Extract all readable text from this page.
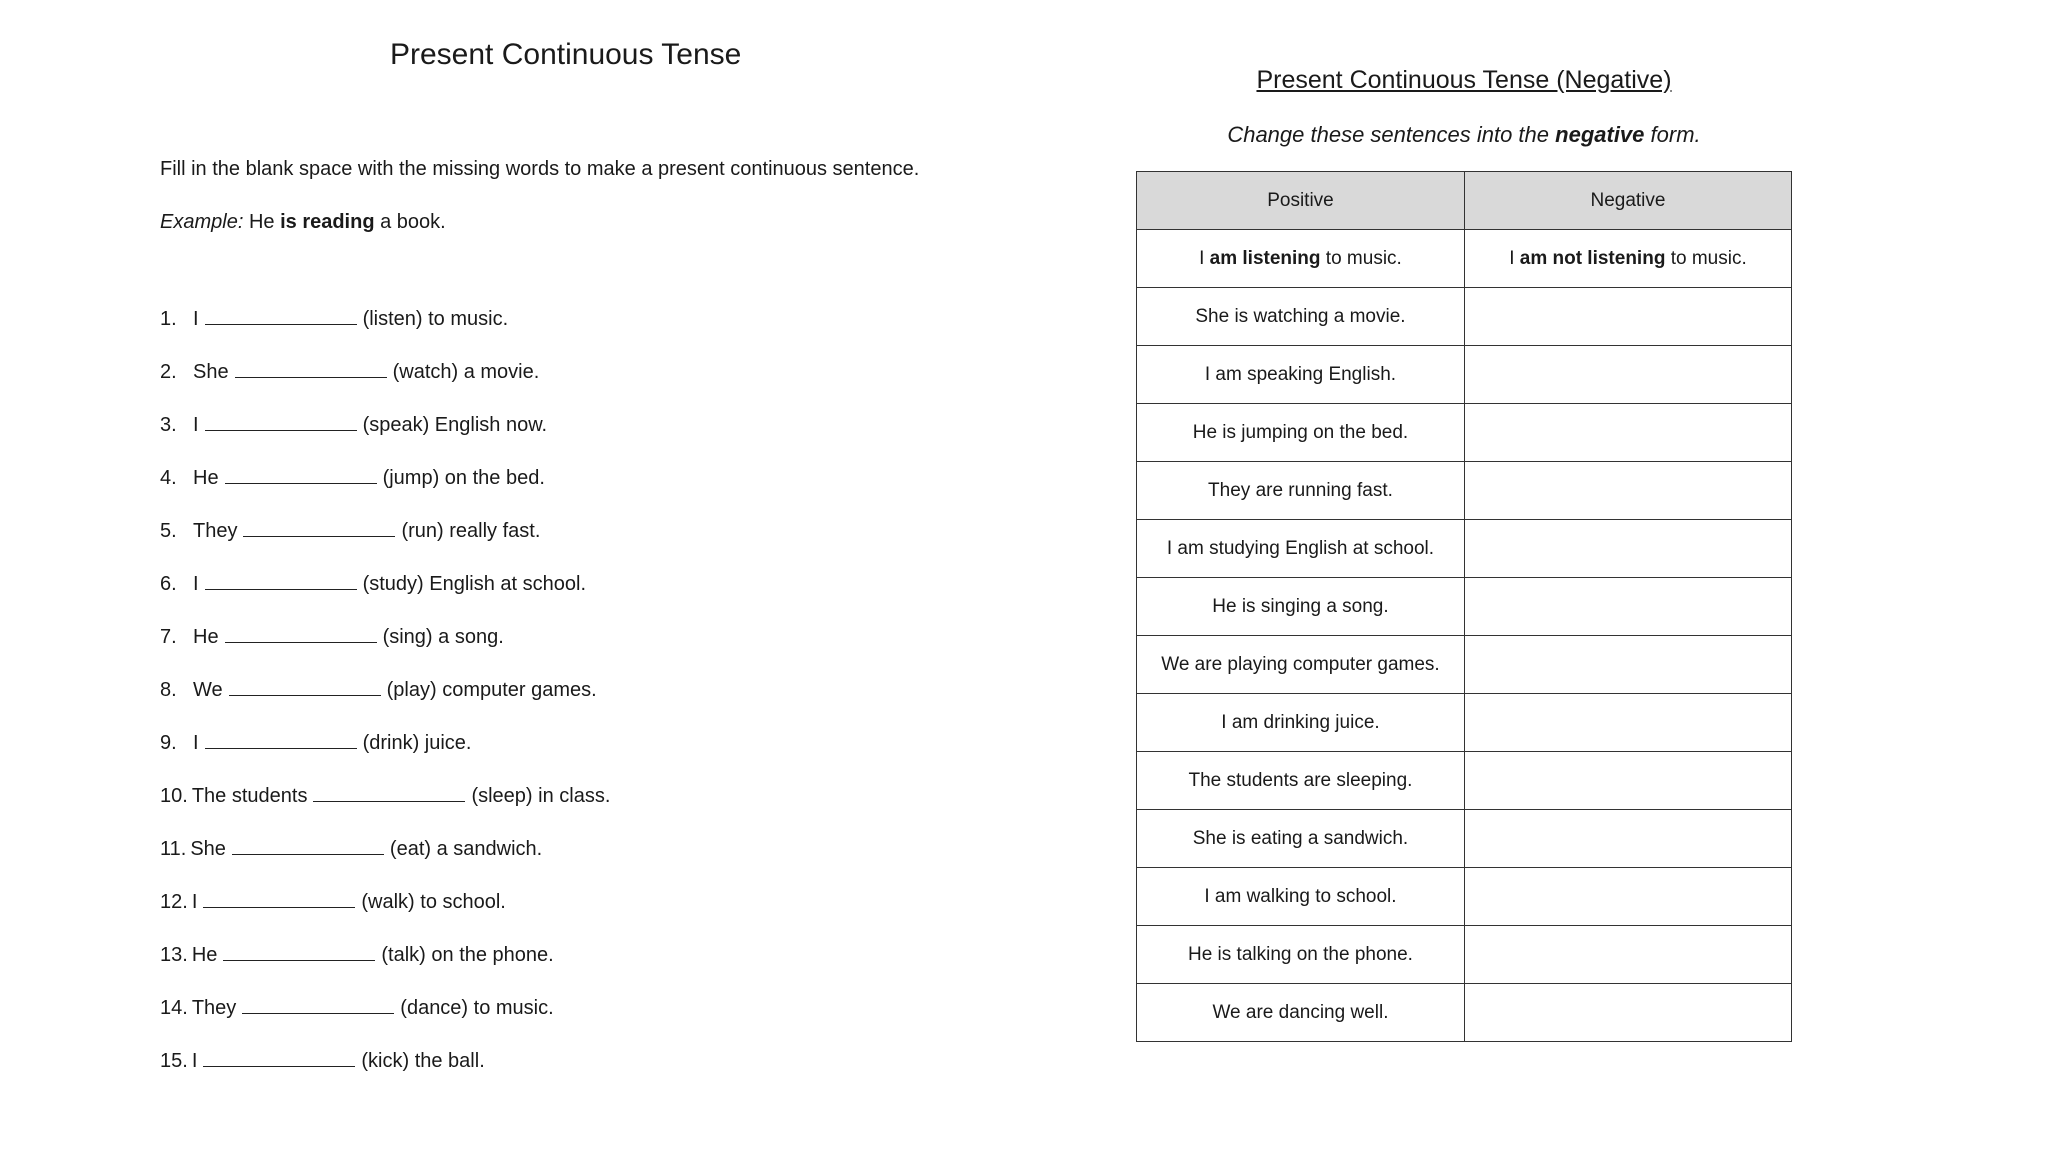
Present Continuous Tense
Fill in the blank space with the missing words to make a present continuous sentence.
Example: He is reading a book.
1. I	(listen) to music.
2. She	(watch) a movie.
3. I	(speak) English now.
4. He	(jump) on the bed.
5. They	(run) really fast.
6. I	(study) English at school.
7. He	(sing) a song.
8. We	(play) computer games.
9. I	(drink) juice.
10. The students	(sleep) in class.
11. She	(eat) a sandwich.
12. I	(walk) to school.
13. He	(talk) on the phone.
14. They	(dance) to music.
15. I	(kick) the ball.
Present Continuous Tense (Negative)
Change these sentences into the negative form.
Positive	Negative
I am listening to music.	I am not listening to music.
She is watching a movie.	
I am speaking English.	
He is jumping on the bed.	
They are running fast.	
I am studying English at school.	
He is singing a song.	
We are playing computer games.	
I am drinking juice.	
The students are sleeping.	
She is eating a sandwich.	
I am walking to school.	
He is talking on the phone.	
We are dancing well.	
